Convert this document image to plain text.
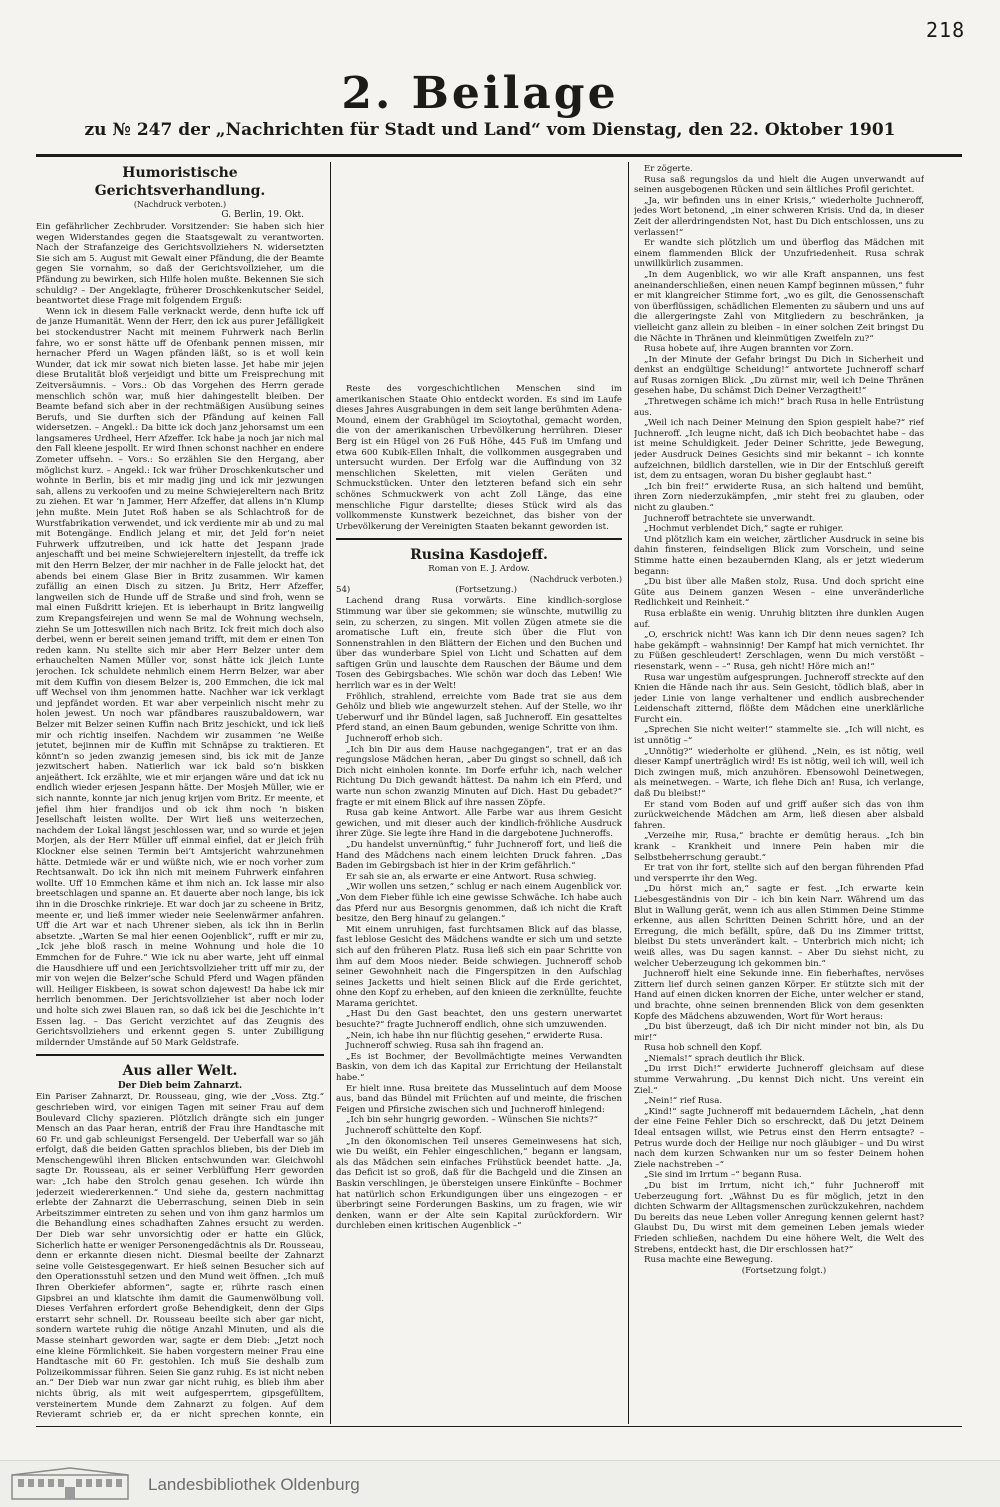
218
2. Beilage
zu № 247 der „Nachrichten für Stadt und Land“ vom Dienstag, den 22. Oktober 1901
Humoristische Gerichtsverhandlung.
(Nachdruck verboten.)
G. Berlin, 19. Okt.

Ein gefährlicher Zechbruder. Vorsitzender: Sie haben sich hier wegen Widerstandes gegen die Staatsgewalt zu verantworten. Nach der Strafanzeige des Gerichtsvollziehers N. widersetzten Sie sich am 5. August mit Gewalt einer Pfändung, die der Beamte gegen Sie vornahm, so daß der Gerichtsvollzieher, um die Pfändung zu bewirken, sich Hilfe holen mußte. Bekennen Sie sich schuldig? – Der Angeklagte, früherer Droschkenkutscher Seidel, beantwortet diese Frage mit folgendem Erguß:

Wenn ick in diesem Falle verknackt werde, denn hufte ick uff de janze Humanität. Wenn der Herr, den ick aus purer Jefälligkeit bei stockendustrer Nacht mit meinem Fuhrwerk nach Berlin fahre, wo er sonst hätte uff de Ofenbank pennen missen, mir hernacher Pferd un Wagen pfänden läßt, so is et woll kein Wunder, dat ick mir sowat nich bieten lasse. Jet habe mir jejen diese Brutalität bloß verjeidigt und bitte um Freisprechung mit Zeitversäumnis. – Vors.: Ob das Vorgehen des Herrn gerade menschlich schön war, muß hier dahingestellt bleiben. Der Beamte befand sich aber in der rechtmäßigen Ausübung seines Berufs, und Sie durften sich der Pfändung auf keinen Fall widersetzen. – Angekl.: Da bitte ick doch janz jehorsamst um een langsameres Urdheel, Herr Afzeffer. Ick habe ja noch jar nich mal den Fall kleene jespollt. Er wird Ihnen schonst nachher en endere Zometer uffsehn. – Vors.: So erzählen Sie den Hergang, aber möglichst kurz. – Angekl.: Ick war früher Droschkenkutscher und wohnte in Berlin, bis et mir madig jing und ick mir jezwungen sah, allens zu verkoofen und zu meine Schwiejereltern nach Britz zu ziehen. Et war ’n Jammer, Herr Afzeffer, dat allens in’n Klump jehn mußte. Mein Jutet Roß haben se als Schlachtroß for de Wurstfabrikation verwendet, und ick verdiente mir ab und zu mal mit Botengänge. Endlich jelang et mir, det Jeld for’n neiet Fuhrwerk uffzutreiben, und ick hatte det Jespann jrade anjeschafft und bei meine Schwiejereltern injestellt, da treffe ick mit den Herrn Belzer, der mir nachher in de Falle jelockt hat, det abends bei einem Glase Bier in Britz zusammen. Wir kamen zufällig an einen Disch zu sitzen. Ju Britz, Herr Afzeffer, langweilen sich de Hunde uff de Straße und sind froh, wenn se mal einen Fußdritt kriejen. Et is ieberhaupt in Britz langweilig zum Krepangsfeirejen und wenn Se mal de Wohnung wechseln, ziehn Se um Jotteswillen nich nach Britz. Ick freit mich doch also derbei, wenn er bereit seinen jemand trifft, mit dem er einen Ton reden kann. Nu stellte sich mir aber Herr Belzer unter dem erhauchelten Namen Müller vor, sonst hätte ick jleich Lunte jerochen. Ick schuldete nehmlich einem Herrn Belzer, war aber mit dem Kuffin von diesem Belzer is, 200 Emmchen, die ick mal uff Wechsel von ihm jenommen hatte. Nachher war ick verklagt und jepfändet worden. Et war aber verpeinlich nischt mehr zu holen jewest. Un noch war pfändbares rauszubaldowern, war Belzer mit Belzer seinen Kuffin nach Britz jeschickt, und ick ließ mir och richtig inseifen. Nachdem wir zusammen ’ne Weiße jetutet, bejinnen mir de Kuffin mit Schnäpse zu traktieren. Et könnt’n so jeden zwanzig jemesen sind, bis ick mit de Janze jezwitschert haben. Natierlich war ick bald so’n biskken anjeäthert. Ick erzählte, wie et mir erjangen wäre und dat ick nu endlich wieder erjesen Jespann hätte. Der Mosjeh Müller, wie er sich nannte, konnte jar nich jenug krijen vom Britz. Er meente, et jefiel ihm hier frandijos und ob ick ihm noch ’n bisken Jesellschaft leisten wollte. Der Wirt ließ uns weiterzechen, nachdem der Lokal längst jeschlossen war, und so wurde et jejen Morjen, als der Herr Müller uff einmal einfiel, dat er jleich früh Klockner else seinen Termin bei’t Amtsjericht wahrzunehmen hätte. Detmiede wär er und wüßte nich, wie er noch vorher zum Rechtsanwalt. Do ick ihn nich mit meinem Fuhrwerk einfahren wollte. Uff 10 Emmchen käme et ihm nich an. Ick lasse mir also breetschlagen und spanne an. Et dauerte aber noch lange, bis ick ihn in die Droschke rinkrieje. Et war doch jar zu scheene in Britz, meente er, und ließ immer wieder neie Seelenwärmer anfahren. Uff die Art war et nach Uhrener sieben, als ick ihn in Berlin absetzte. „Warten Se mal hier eenen Oojenblick“, rufft er mir zu, „Ick jehe bloß rasch in meine Wohnung und hole die 10 Emmchen for de Fuhre.“ Wie ick nu aber warte, jeht uff einmal die Hausdhiere uff und een Jerichtsvollzieher tritt uff mir zu, der mir von wejen die Belzer’sche Schuld Pferd und Wagen pfänden will. Heiliger Eiskbeen, is sowat schon dajewest! Da habe ick mir herrlich benommen. Der Jerichtsvollzieher ist aber noch loder und holte sich zwei Blauen ran, so daß ick bei die Jeschichte in’t Essen lag. – Das Gericht verzichtet auf das Zeugnis des Gerichtsvollziehers und erkennt gegen S. unter Zubilligung mildernder Umstände auf 50 Mark Geldstrafe.

Aus aller Welt.
Der Dieb beim Zahnarzt.

Ein Pariser Zahnarzt, Dr. Rousseau, ging, wie der „Voss. Ztg.“ geschrieben wird, vor einigen Tagen mit seiner Frau auf dem Boulevard Clichy spazieren. Plötzlich drängte sich ein junger Mensch an das Paar heran, entriß der Frau ihre Handtasche mit 60 Fr. und gab schleunigst Fersengeld. Der Ueberfall war so jäh erfolgt, daß die beiden Gatten sprachlos blieben, bis der Dieb im Menschengewühl ihren Blicken entschwunden war. Gleichwohl sagte Dr. Rousseau, als er seiner Verblüffung Herr geworden war: „Ich habe den Strolch genau gesehen. Ich würde ihn jederzeit wiedererkennen.“ Und siehe da, gestern nachmittag erlebte der Zahnarzt die Ueberraschung, seinen Dieb in sein Arbeitszimmer eintreten zu sehen und von ihm ganz harmlos um die Behandlung eines schadhaften Zahnes ersucht zu werden. Der Dieb war sehr unvorsichtig oder er hatte ein Glück, Sicherlich hatte er weniger Personengedächtnis als Dr. Rousseau, denn er erkannte diesen nicht. Diesmal beeilte der Zahnarzt seine volle Geistesgegenwart. Er hieß seinen Besucher sich auf den Operationsstuhl setzen und den Mund weit öffnen. „Ich muß Ihren Oberkiefer abformen“, sagte er, rührte rasch einen Gipsbrei an und klatschte ihm damit die Gaumenwölbung voll. Dieses Verfahren erfordert große Behendigkeit, denn der Gips erstarrt sehr schnell. Dr. Rousseau beeilte sich aber gar nicht, sondern wartete ruhig die nötige Anzahl Minuten, und als die Masse steinhart geworden war, sagte er dem Dieb: „Jetzt noch eine kleine Förmlichkeit. Sie haben vorgestern meiner Frau eine Handtasche mit 60 Fr. gestohlen. Ich muß Sie deshalb zum Polizeikommissar führen. Seien Sie ganz ruhig. Es ist nicht neben an.“ Der Dieb war nun zwar gar nicht ruhig, es blieb ihm aber nichts übrig, als mit weit aufgesperrtem, gipsgefülltem, versteinertem Munde dem Zahnarzt zu folgen. Auf dem Revieramt schrieb er, da er nicht sprechen konnte, ein

Reste des vorgeschichtlichen Menschen sind im amerikanischen Staate Ohio entdeckt worden. Es sind im Laufe dieses Jahres Ausgrabungen in dem seit lange berühmten Adena-Mound, einem der Grabhügel im Scioytothal, gemacht worden, die von der amerikanischen Urbevölkerung herrühren. Dieser Berg ist ein Hügel von 26 Fuß Höhe, 445 Fuß im Umfang und etwa 600 Kubik-Ellen Inhalt, die vollkommen ausgegraben und untersucht wurden. Der Erfolg war die Auffindung von 32 menschlichen Skeletten, mit vielen Geräten und Schmuckstücken. Unter den letzteren befand sich ein sehr schönes Schmuckwerk von acht Zoll Länge, das eine menschliche Figur darstellte; dieses Stück wird als das vollkommenste Kunstwerk bezeichnet, das bisher von der Urbevölkerung der Vereinigten Staaten bekannt geworden ist.

Rusina Kasdojeff.
Roman von E. J. Ardow.
(Nachdruck verboten.)
54)	(Fortsetzung.)

Lachend drang Rusa vorwärts. Eine kindlich-sorglose Stimmung war über sie gekommen; sie wünschte, mutwillig zu sein, zu scherzen, zu singen. Mit vollen Zügen atmete sie die aromatische Luft ein, freute sich über die Flut von Sonnenstrahlen in den Blättern der Eichen und den Buchen und über das wunderbare Spiel von Licht und Schatten auf dem saftigen Grün und lauschte dem Rauschen der Bäume und dem Tosen des Gebirgsbaches. Wie schön war doch das Leben! Wie herrlich war es in der Welt!

Fröhlich, strahlend, erreichte vom Bade trat sie aus dem Gehölz und blieb wie angewurzelt stehen. Auf der Stelle, wo ihr Ueberwurf und ihr Bündel lagen, saß Juchneroff. Ein gesatteltes Pferd stand, an einen Baum gebunden, wenige Schritte von ihm.

Juchneroff erhob sich.

„Ich bin Dir aus dem Hause nachgegangen“, trat er an das regungslose Mädchen heran, „aber Du gingst so schnell, daß ich Dich nicht einholen konnte. Im Dorfe erfuhr ich, nach welcher Richtung Du Dich gewandt hättest. Da nahm ich ein Pferd, und warte nun schon zwanzig Minuten auf Dich. Hast Du gebadet?“ fragte er mit einem Blick auf ihre nassen Zöpfe.

Rusa gab keine Antwort. Alle Farbe war aus ihrem Gesicht gewichen, und mit dieser auch der kindlich-fröhliche Ausdruck ihrer Züge. Sie legte ihre Hand in die dargebotene Juchneroffs.

„Du handelst unvernünftig,“ fuhr Juchneroff fort, und ließ die Hand des Mädchens nach einem leichten Druck fahren. „Das Baden im Gebirgsbach ist hier in der Krim gefährlich.“

Er sah sie an, als erwarte er eine Antwort. Rusa schwieg.

„Wir wollen uns setzen,“ schlug er nach einem Augenblick vor. „Von dem Fieber fühle ich eine gewisse Schwäche. Ich habe auch das Pferd nur aus Besorgnis genommen, daß ich nicht die Kraft besitze, den Berg hinauf zu gelangen.“

Mit einem unruhigen, fast furchtsamen Blick auf das blasse, fast leblose Gesicht des Mädchens wandte er sich um und setzte sich auf den früheren Platz. Rusa ließ sich ein paar Schritte von ihm auf dem Moos nieder. Beide schwiegen. Juchneroff schob seiner Gewohnheit nach die Fingerspitzen in den Aufschlag seines Jacketts und hielt seinen Blick auf die Erde gerichtet, ohne den Kopf zu erheben, auf den knieen die zerknüllte, feuchte Marama gerichtet.

„Hast Du den Gast beachtet, den uns gestern unerwartet besuchte?“ fragte Juchneroff endlich, ohne sich umzuwenden.

„Nein, ich habe ihn nur flüchtig gesehen,“ erwiderte Rusa.

Juchneroff schwieg. Rusa sah ihn fragend an.

„Es ist Bochmer, der Bevollmächtigte meines Verwandten Baskin, von dem ich das Kapital zur Errichtung der Heilanstalt habe.“

Er hielt inne. Rusa breitete das Musselintuch auf dem Moose aus, band das Bündel mit Früchten auf und meinte, die frischen Feigen und Pfirsiche zwischen sich und Juchneroff hinlegend:

„Ich bin sehr hungrig geworden. – Wünschen Sie nichts?“

Juchneroff schüttelte den Kopf.

„In den ökonomischen Teil unseres Gemeinwesens hat sich, wie Du weißt, ein Fehler eingeschlichen,“ begann er langsam, als das Mädchen sein einfaches Frühstück beendet hatte. „Ja, das Deficit ist so groß, daß für die Bachgeld und die Zinsen an Baskin verschlingen, je übersteigen unsere Einkünfte – Bochmer hat natürlich schon Erkundigungen über uns eingezogen – er überbringt seine Forderungen Baskins, um zu fragen, wie wir denken, wann er der Alte sein Kapital zurückfordern. Wir durchleben einen kritischen Augenblick –“

Er zögerte.

Rusa saß regungslos da und hielt die Augen unverwandt auf seinen ausgebogenen Rücken und sein ältliches Profil gerichtet.

„Ja, wir befinden uns in einer Krisis,“ wiederholte Juchneroff, jedes Wort betonend, „in einer schweren Krisis. Und da, in dieser Zeit der allerdringendsten Not, hast Du Dich entschlossen, uns zu verlassen!“

Er wandte sich plötzlich um und überflog das Mädchen mit einem flammenden Blick der Unzufriedenheit. Rusa schrak unwillkürlich zusammen.

„In dem Augenblick, wo wir alle Kraft anspannen, uns fest aneinanderschließen, einen neuen Kampf beginnen müssen,“ fuhr er mit klangreicher Stimme fort, „wo es gilt, die Genossenschaft von überflüssigen, schädlichen Elementen zu säubern und uns auf die allergeringste Zahl von Mitgliedern zu beschränken, ja vielleicht ganz allein zu bleiben – in einer solchen Zeit bringst Du die Nächte in Thränen und kleinmütigen Zweifeln zu?“

Rusa hobete auf, ihre Augen brannten vor Zorn.

„In der Minute der Gefahr bringst Du Dich in Sicherheit und denkst an endgültige Scheidung!“ antwortete Juchneroff scharf auf Rusas zornigen Blick. „Du zürnst mir, weil ich Deine Thränen gesehen habe, Du schämst Dich Deiner Verzagtheit!“

„Thretwegen schäme ich mich!“ brach Rusa in helle Entrüstung aus.

„Weil ich nach Deiner Meinung den Spion gespielt habe?“ rief Juchneroff. „Ich leugne nicht, daß ich Dich beobachtet habe – das ist meine Schuldigkeit. Jeder Deiner Schritte, jede Bewegung, jeder Ausdruck Deines Gesichts sind mir bekannt – ich konnte aufzeichnen, bildlich darstellen, wie in Dir der Entschluß gereift ist, dem zu entsagen, woran Du bisher geglaubt hast.“

„Ich bin frei!“ erwiderte Rusa, an sich haltend und bemüht, ihren Zorn niederzukämpfen, „mir steht frei zu glauben, oder nicht zu glauben.“

Juchneroff betrachtete sie unverwandt.

„Hochmut verblendet Dich,“ sagte er ruhiger.

Und plötzlich kam ein weicher, zärtlicher Ausdruck in seine bis dahin finsteren, feindseligen Blick zum Vorschein, und seine Stimme hatte einen bezaubernden Klang, als er jetzt wiederum begann:

„Du bist über alle Maßen stolz, Rusa. Und doch spricht eine Güte aus Deinem ganzen Wesen – eine unveränderliche Redlichkeit und Reinheit.“

Rusa erblaßte ein wenig. Unruhig blitzten ihre dunklen Augen auf.

„O, erschrick nicht! Was kann ich Dir denn neues sagen? Ich habe gekämpft – wahnsinnig! Der Kampf hat mich vernichtet. Ihr zu Füßen geschleudert! Zerschlagen, wenn Du mich verstößt – riesenstark, wenn – –“ Rusa, geh nicht! Höre mich an!“

Rusa war ungestüm aufgesprungen. Juchneroff streckte auf den Knien die Hände nach ihr aus. Sein Gesicht, tödlich blaß, aber in jeder Linie von lange verhaltener und endlich ausbrechender Leidenschaft zitternd, flößte dem Mädchen eine unerklärliche Furcht ein.

„Sprechen Sie nicht weiter!“ stammelte sie. „Ich will nicht, es ist unnötig –“

„Unnötig?“ wiederholte er glühend. „Nein, es ist nötig, weil dieser Kampf unerträglich wird! Es ist nötig, weil ich will, weil ich Dich zwingen muß, mich anzuhören. Ebensowohl Deinetwegen, als meinetwegen. – Warte, ich flehe Dich an! Rusa, ich verlange, daß Du bleibst!“

Er stand vom Boden auf und griff außer sich das von ihm zurückweichende Mädchen am Arm, ließ diesen aber alsbald fahren.

„Verzeihe mir, Rusa,“ brachte er demütig heraus. „Ich bin krank – Krankheit und innere Pein haben mir die Selbstbeherrschung geraubt.“

Er trat von ihr fort, stellte sich auf den bergan führenden Pfad und versperrte ihr den Weg.

„Du hörst mich an,“ sagte er fest. „Ich erwarte kein Liebesgeständnis von Dir – ich bin kein Narr. Während um das Blut in Wallung gerät, wenn ich aus allen Stimmen Deine Stimme erkenne, aus allen Schritten Deinen Schritt höre, und an der Erregung, die mich befällt, spüre, daß Du ins Zimmer trittst, bleibst Du stets unverändert kalt. – Unterbrich mich nicht; ich weiß alles, was Du sagen kannst. – Aber Du siehst nicht, zu welcher Ueberzeugung ich gekommen bin.“

Juchneroff hielt eine Sekunde inne. Ein fieberhaftes, nervöses Zittern lief durch seinen ganzen Körper. Er stützte sich mit der Hand auf einen dicken knorren der Eiche, unter welcher er stand, und brachte, ohne seinen brennenden Blick von dem gesenkten Kopfe des Mädchens abzuwenden, Wort für Wort heraus:

„Du bist überzeugt, daß ich Dir nicht minder not bin, als Du mir!“

Rusa hob schnell den Kopf.

„Niemals!“ sprach deutlich ihr Blick.

„Du irrst Dich!“ erwiderte Juchneroff gleichsam auf diese stumme Verwahrung. „Du kennst Dich nicht. Uns vereint ein Ziel.“

„Nein!“ rief Rusa.

„Kind!“ sagte Juchneroff mit bedauerndem Lächeln, „hat denn der eine Feine Fehler Dich so erschreckt, daß Du jetzt Deinem Ideal entsagen willst, wie Petrus einst den Herrn entsagte? – Petrus wurde doch der Heilige nur noch gläubiger – und Du wirst nach dem kurzen Schwanken nur um so fester Deinem hohen Ziele nachstreben –“

„Sie sind im Irrtum –“ begann Rusa.

„Du bist im Irrtum, nicht ich,“ fuhr Juchneroff mit Ueberzeugung fort. „Wähnst Du es für möglich, jetzt in den dichten Schwarm der Alltagsmenschen zurückzukehren, nachdem Du bereits das neue Leben voller Anregung kennen gelernt hast? Glaubst Du, Du wirst mit dem gemeinen Leben jemals wieder Frieden schließen, nachdem Du eine höhere Welt, die Welt des Strebens, entdeckt hast, die Dir erschlossen hat?“

Rusa machte eine Bewegung.

(Fortsetzung folgt.)

Landesbibliothek Oldenburg
